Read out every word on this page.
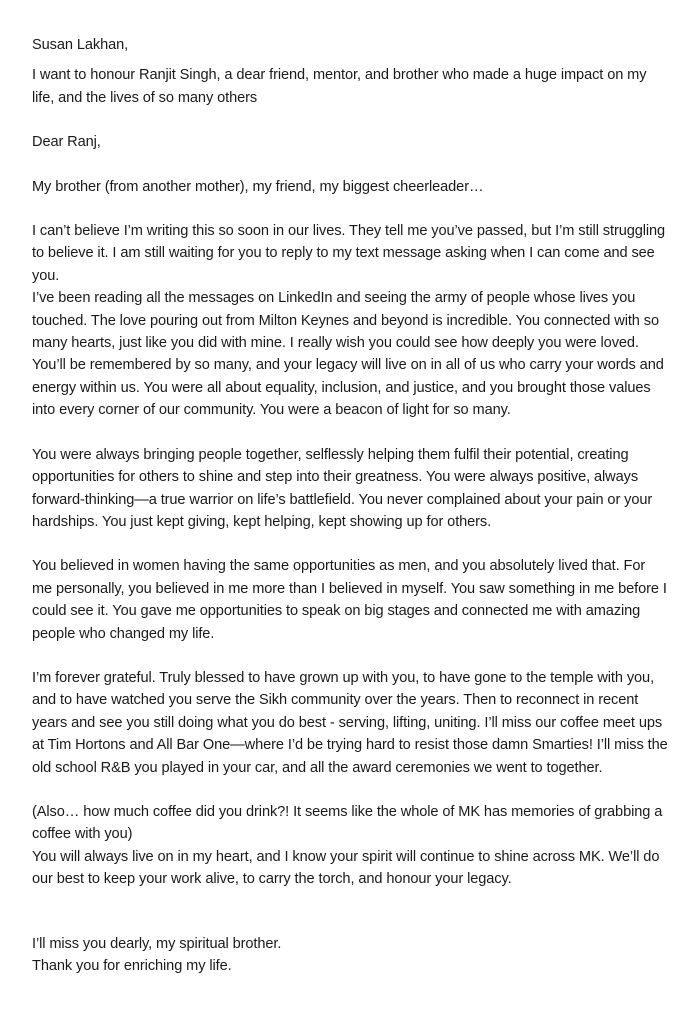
Susan Lakhan,

I want to honour Ranjit Singh, a dear friend, mentor, and brother who made a huge impact on my life, and the lives of so many others

Dear Ranj,

My brother (from another mother), my friend, my biggest cheerleader…

I can’t believe I’m writing this so soon in our lives. They tell me you’ve passed, but I’m still struggling to believe it. I am still waiting for you to reply to my text message asking when I can come and see you.

I’ve been reading all the messages on LinkedIn and seeing the army of people whose lives you touched. The love pouring out from Milton Keynes and beyond is incredible. You connected with so many hearts, just like you did with mine. I really wish you could see how deeply you were loved. You’ll be remembered by so many, and your legacy will live on in all of us who carry your words and energy within us. You were all about equality, inclusion, and justice, and you brought those values into every corner of our community. You were a beacon of light for so many.

You were always bringing people together, selflessly helping them fulfil their potential, creating opportunities for others to shine and step into their greatness. You were always positive, always forward-thinking—a true warrior on life’s battlefield. You never complained about your pain or your hardships. You just kept giving, kept helping, kept showing up for others.

You believed in women having the same opportunities as men, and you absolutely lived that. For me personally, you believed in me more than I believed in myself. You saw something in me before I could see it. You gave me opportunities to speak on big stages and connected me with amazing people who changed my life.

I’m forever grateful. Truly blessed to have grown up with you, to have gone to the temple with you, and to have watched you serve the Sikh community over the years. Then to reconnect in recent years and see you still doing what you do best - serving, lifting, uniting. I’ll miss our coffee meet ups at Tim Hortons and All Bar One—where I’d be trying hard to resist those damn Smarties! I’ll miss the old school R&B you played in your car, and all the award ceremonies we went to together.

(Also… how much coffee did you drink?! It seems like the whole of MK has memories of grabbing a coffee with you)

You will always live on in my heart, and I know your spirit will continue to shine across MK. We’ll do our best to keep your work alive, to carry the torch, and honour your legacy.

I’ll miss you dearly, my spiritual brother.

Thank you for enriching my life.
